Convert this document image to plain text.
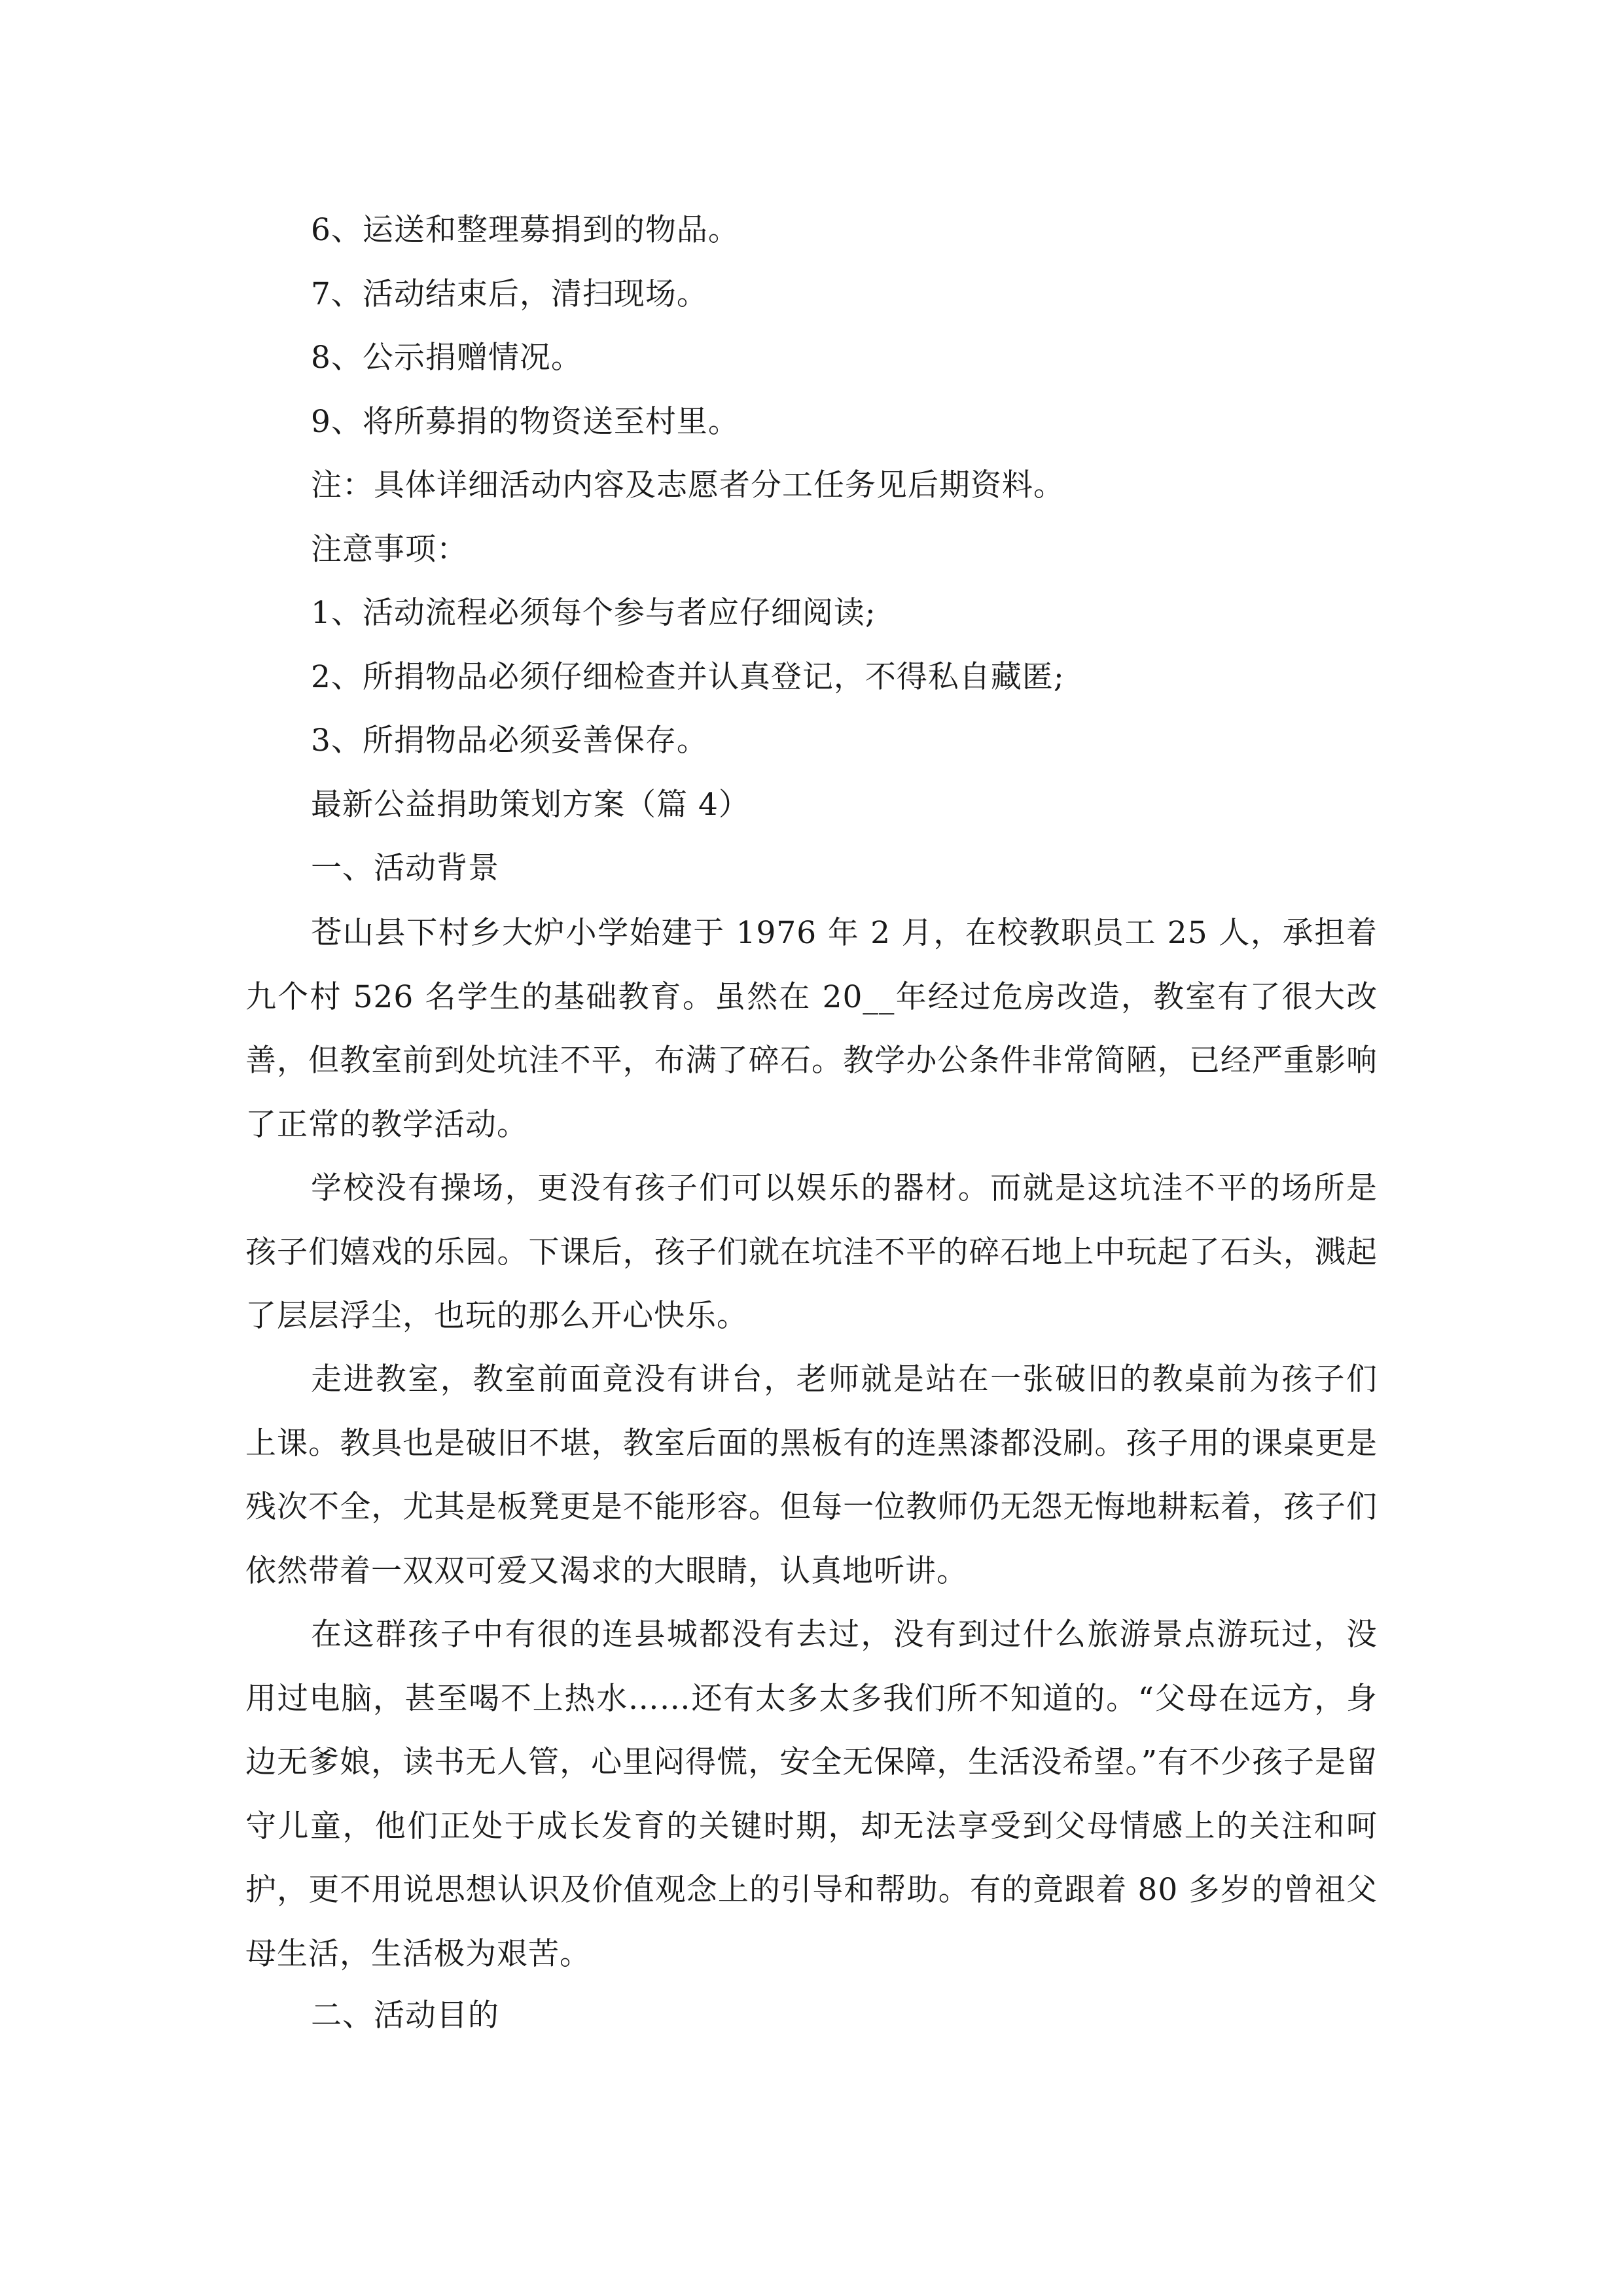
6、运送和整理募捐到的物品。
7、活动结束后，清扫现场。
8、公示捐赠情况。
9、将所募捐的物资送至村里。
注：具体详细活动内容及志愿者分工任务见后期资料。
注意事项：
1、活动流程必须每个参与者应仔细阅读;
2、所捐物品必须仔细检查并认真登记，不得私自藏匿;
3、所捐物品必须妥善保存。
最新公益捐助策划方案（篇 4）
一、活动背景
苍山县下村乡大炉小学始建于 1976 年 2 月，在校教职员工 25 人，承担着九个村 526 名学生的基础教育。虽然在 20__年经过危房改造，教室有了很大改善，但教室前到处坑洼不平，布满了碎石。教学办公条件非常简陋，已经严重影响了正常的教学活动。
学校没有操场，更没有孩子们可以娱乐的器材。而就是这坑洼不平的场所是孩子们嬉戏的乐园。下课后，孩子们就在坑洼不平的碎石地上中玩起了石头，溅起了层层浮尘，也玩的那么开心快乐。
走进教室，教室前面竟没有讲台，老师就是站在一张破旧的教桌前为孩子们上课。教具也是破旧不堪，教室后面的黑板有的连黑漆都没刷。孩子用的课桌更是残次不全，尤其是板凳更是不能形容。但每一位教师仍无怨无悔地耕耘着，孩子们依然带着一双双可爱又渴求的大眼睛，认真地听讲。
在这群孩子中有很的连县城都没有去过，没有到过什么旅游景点游玩过，没用过电脑，甚至喝不上热水……还有太多太多我们所不知道的。“父母在远方，身边无爹娘，读书无人管，心里闷得慌，安全无保障，生活没希望。”有不少孩子是留守儿童，他们正处于成长发育的关键时期，却无法享受到父母情感上的关注和呵护，更不用说思想认识及价值观念上的引导和帮助。有的竟跟着 80 多岁的曾祖父母生活，生活极为艰苦。
二、活动目的
